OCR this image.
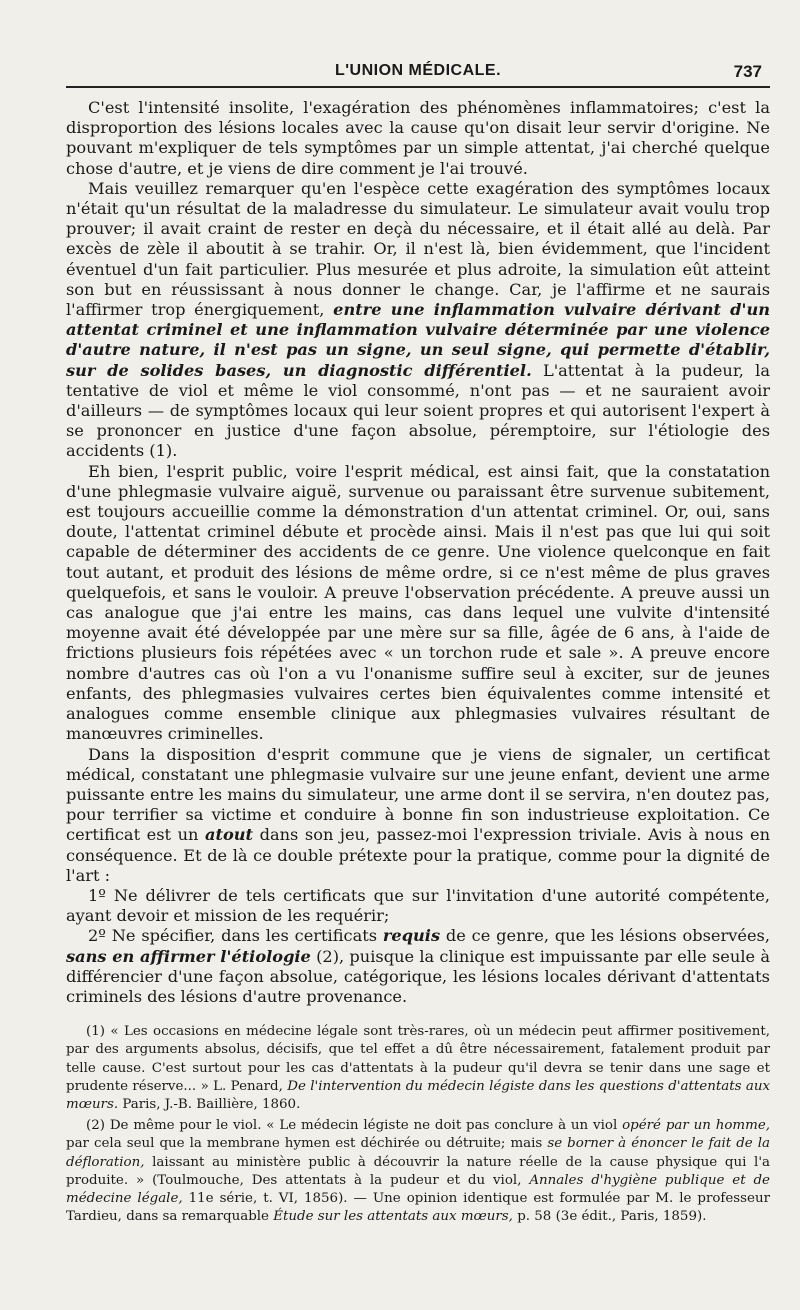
L'UNION MÉDICALE.	737

C'est l'intensité insolite, l'exagération des phénomènes inflammatoires; c'est la disproportion des lésions locales avec la cause qu'on disait leur servir d'origine. Ne pouvant m'expliquer de tels symptômes par un simple attentat, j'ai cherché quelque chose d'autre, et je viens de dire comment je l'ai trouvé.

Mais veuillez remarquer qu'en l'espèce cette exagération des symptômes locaux n'était qu'un résultat de la maladresse du simulateur. Le simulateur avait voulu trop prouver; il avait craint de rester en deçà du nécessaire, et il était allé au delà. Par excès de zèle il aboutit à se trahir. Or, il n'est là, bien évidemment, que l'incident éventuel d'un fait particulier. Plus mesurée et plus adroite, la simulation eût atteint son but en réussissant à nous donner le change. Car, je l'affirme et ne saurais l'affirmer trop énergiquement, entre une inflammation vulvaire dérivant d'un attentat criminel et une inflammation vulvaire déterminée par une violence d'autre nature, il n'est pas un signe, un seul signe, qui permette d'établir, sur de solides bases, un diagnostic différentiel. L'attentat à la pudeur, la tentative de viol et même le viol consommé, n'ont pas — et ne sauraient avoir d'ailleurs — de symptômes locaux qui leur soient propres et qui autorisent l'expert à se prononcer en justice d'une façon absolue, péremptoire, sur l'étiologie des accidents (1).

Eh bien, l'esprit public, voire l'esprit médical, est ainsi fait, que la constatation d'une phlegmasie vulvaire aiguë, survenue ou paraissant être survenue subitement, est toujours accueillie comme la démonstration d'un attentat criminel. Or, oui, sans doute, l'attentat criminel débute et procède ainsi. Mais il n'est pas que lui qui soit capable de déterminer des accidents de ce genre. Une violence quelconque en fait tout autant, et produit des lésions de même ordre, si ce n'est même de plus graves quelquefois, et sans le vouloir. A preuve l'observation précédente. A preuve aussi un cas analogue que j'ai entre les mains, cas dans lequel une vulvite d'intensité moyenne avait été développée par une mère sur sa fille, âgée de 6 ans, à l'aide de frictions plusieurs fois répétées avec « un torchon rude et sale ». A preuve encore nombre d'autres cas où l'on a vu l'onanisme suffire seul à exciter, sur de jeunes enfants, des phlegmasies vulvaires certes bien équivalentes comme intensité et analogues comme ensemble clinique aux phlegmasies vulvaires résultant de manœuvres criminelles.

Dans la disposition d'esprit commune que je viens de signaler, un certificat médical, constatant une phlegmasie vulvaire sur une jeune enfant, devient une arme puissante entre les mains du simulateur, une arme dont il se servira, n'en doutez pas, pour terrifier sa victime et conduire à bonne fin son industrieuse exploitation. Ce certificat est un atout dans son jeu, passez-moi l'expression triviale. Avis à nous en conséquence. Et de là ce double prétexte pour la pratique, comme pour la dignité de l'art :

1º Ne délivrer de tels certificats que sur l'invitation d'une autorité compétente, ayant devoir et mission de les requérir;

2º Ne spécifier, dans les certificats requis de ce genre, que les lésions observées, sans en affirmer l'étiologie (2), puisque la clinique est impuissante par elle seule à différencier d'une façon absolue, catégorique, les lésions locales dérivant d'attentats criminels des lésions d'autre provenance.

(1) « Les occasions en médecine légale sont très-rares, où un médecin peut affirmer positivement, par des arguments absolus, décisifs, que tel effet a dû être nécessairement, fatalement produit par telle cause. C'est surtout pour les cas d'attentats à la pudeur qu'il devra se tenir dans une sage et prudente réserve... » L. Penard, De l'intervention du médecin légiste dans les questions d'attentats aux mœurs. Paris, J.-B. Baillière, 1860.

(2) De même pour le viol. « Le médecin légiste ne doit pas conclure à un viol opéré par un homme, par cela seul que la membrane hymen est déchirée ou détruite; mais se borner à énoncer le fait de la défloration, laissant au ministère public à découvrir la nature réelle de la cause physique qui l'a produite. » (Toulmouche, Des attentats à la pudeur et du viol, Annales d'hygiène publique et de médecine légale, 11e série, t. VI, 1856). — Une opinion identique est formulée par M. le professeur Tardieu, dans sa remarquable Étude sur les attentats aux mœurs, p. 58 (3e édit., Paris, 1859).
